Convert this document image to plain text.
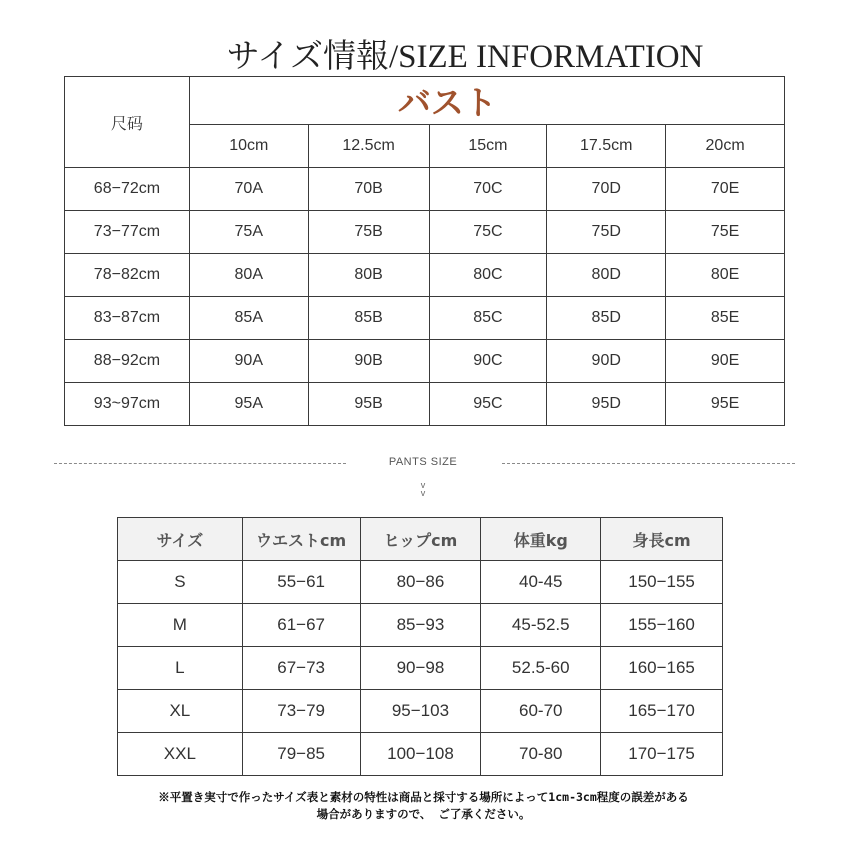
サイズ情報/SIZE INFORMATION
尺码	バスト				
	10cm	12.5cm	15cm	17.5cm	20cm
68−72cm	70A	70B	70C	70D	70E
73−77cm	75A	75B	75C	75D	75E
78−82cm	80A	80B	80C	80D	80E
83−87cm	85A	85B	85C	85D	85E
88−92cm	90A	90B	90C	90D	90E
93~97cm	95A	95B	95C	95D	95E
PANTS SIZE
v
v
サイズ	ウエストcm	ヒップcm	体重kg	身長cm
S	55−61	80−86	40-45	150−155
M	61−67	85−93	45-52.5	155−160
L	67−73	90−98	52.5-60	160−165
XL	73−79	95−103	60-70	165−170
XXL	79−85	100−108	70-80	170−175
※平置き実寸で作ったサイズ表と素材の特性は商品と採寸する場所によって1cm-3cm程度の誤差がある
場合がありますので、 ご了承ください。
